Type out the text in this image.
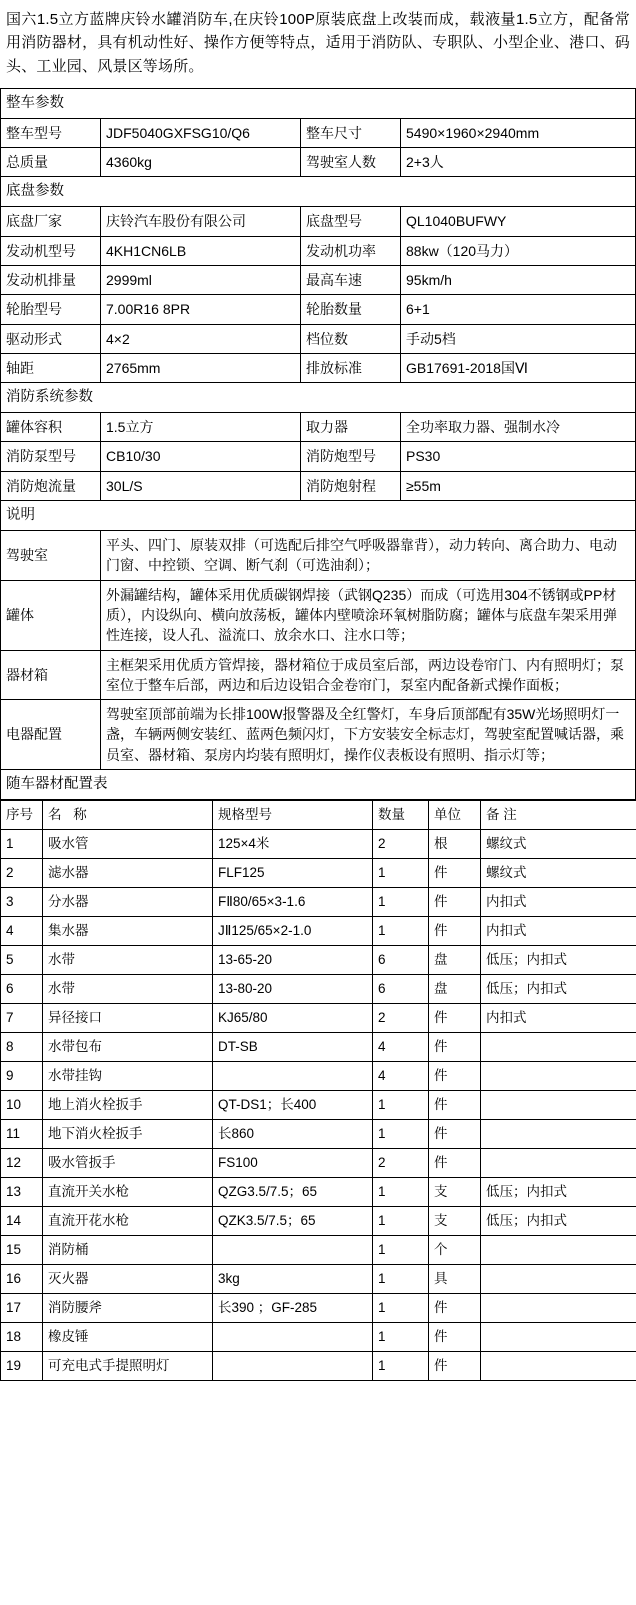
国六1.5立方蓝牌庆铃水罐消防车,在庆铃100P原装底盘上改装而成，载液量1.5立方，配备常用消防器材，具有机动性好、操作方便等特点，适用于消防队、专职队、小型企业、港口、码头、工业园、风景区等场所。
整车参数			
整车型号	JDF5040GXFSG10/Q6	整车尺寸	5490×1960×2940mm
总质量	4360kg	驾驶室人数	2+3人
底盘参数			
底盘厂家	庆铃汽车股份有限公司	底盘型号	QL1040BUFWY
发动机型号	4KH1CN6LB	发动机功率	88kw（120马力）
发动机排量	2999ml	最高车速	95km/h
轮胎型号	7.00R16 8PR	轮胎数量	6+1
驱动形式	4×2	档位数	手动5档
轴距	2765mm	排放标准	GB17691-2018国Ⅵ
消防系统参数			
罐体容积	1.5立方	取力器	全功率取力器、强制水冷
消防泵型号	CB10/30	消防炮型号	PS30
消防炮流量	30L/S	消防炮射程	≥55m
说明			
驾驶室	平头、四门、原装双排（可选配后排空气呼吸器靠背），动力转向、离合助力、电动门窗、中控锁、空调、断气刹（可选油刹）；		
罐体	外漏罐结构，罐体采用优质碳钢焊接（武钢Q235）而成（可选用304不锈钢或PP材质），内设纵向、横向放荡板，罐体内壁喷涂环氧树脂防腐；罐体与底盘车架采用弹性连接，设人孔、溢流口、放余水口、注水口等；		
器材箱	主框架采用优质方管焊接，器材箱位于成员室后部，两边设卷帘门、内有照明灯；泵室位于整车后部，两边和后边设铝合金卷帘门，泵室内配备新式操作面板；		
电器配置	驾驶室顶部前端为长排100W报警器及全红警灯，车身后顶部配有35W光场照明灯一盏，车辆两侧安装红、蓝两色频闪灯，下方安装安全标志灯，驾驶室配置喊话器，乘员室、器材箱、泵房内均装有照明灯，操作仪表板设有照明、指示灯等；		
随车器材配置表			
序号	名 称	规格型号	数量	单位	备 注
1	吸水管	125×4米	2	根	螺纹式
2	滤水器	FLF125	1	件	螺纹式
3	分水器	FⅡ80/65×3-1.6	1	件	内扣式
4	集水器	JⅡ125/65×2-1.0	1	件	内扣式
5	水带	13-65-20	6	盘	低压；内扣式
6	水带	13-80-20	6	盘	低压；内扣式
7	异径接口	KJ65/80	2	件	内扣式
8	水带包布	DT-SB	4	件	
9	水带挂钩		4	件	
10	地上消火栓扳手	QT-DS1；长400	1	件	
11	地下消火栓扳手	长860	1	件	
12	吸水管扳手	FS100	2	件	
13	直流开关水枪	QZG3.5/7.5；65	1	支	低压；内扣式
14	直流开花水枪	QZK3.5/7.5；65	1	支	低压；内扣式
15	消防桶		1	个	
16	灭火器	3kg	1	具	
17	消防腰斧	长390 ；GF-285	1	件	
18	橡皮锤		1	件	
19	可充电式手提照明灯		1	件	
